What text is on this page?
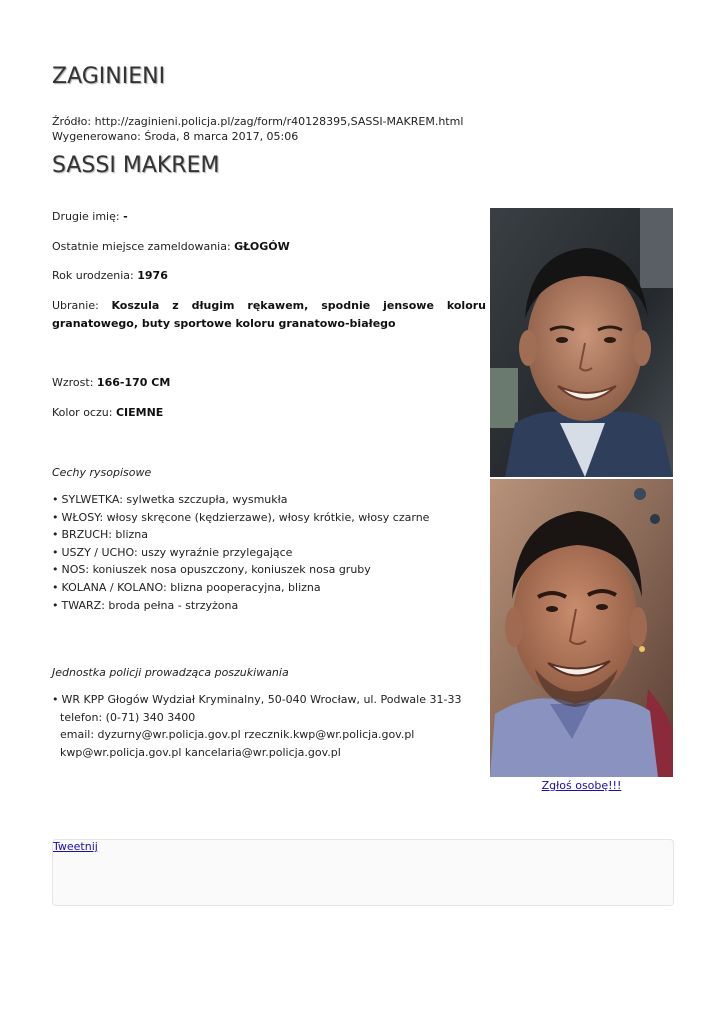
ZAGINIENI
Źródło: http://zaginieni.policja.pl/zag/form/r40128395,SASSI-MAKREM.html
Wygenerowano: Środa, 8 marca 2017, 05:06
SASSI MAKREM
Drugie imię: -
Ostatnie miejsce zameldowania: GŁOGÓW
Rok urodzenia: 1976
Ubranie: Koszula z długim rękawem, spodnie jensowe koloru granatowego, buty sportowe koloru granatowo-białego
Wzrost: 166-170 CM
Kolor oczu: CIEMNE
Cechy rysopisowe
• SYLWETKA: sylwetka szczupła, wysmukła
• WŁOSY: włosy skręcone (kędzierzawe), włosy krótkie, włosy czarne
• BRZUCH: blizna
• USZY / UCHO: uszy wyraźnie przylegające
• NOS: koniuszek nosa opuszczony, koniuszek nosa gruby
• KOLANA / KOLANO: blizna pooperacyjna, blizna
• TWARZ: broda pełna - strzyżona
Jednostka policji prowadząca poszukiwania
• WR KPP Głogów Wydział Kryminalny, 50-040 Wrocław, ul. Podwale 31-33
telefon: (0-71) 340 3400
email: dyzurny@wr.policja.gov.pl rzecznik.kwp@wr.policja.gov.pl
kwp@wr.policja.gov.pl kancelaria@wr.policja.gov.pl
Zgłoś osobę!!!
Tweetnij
